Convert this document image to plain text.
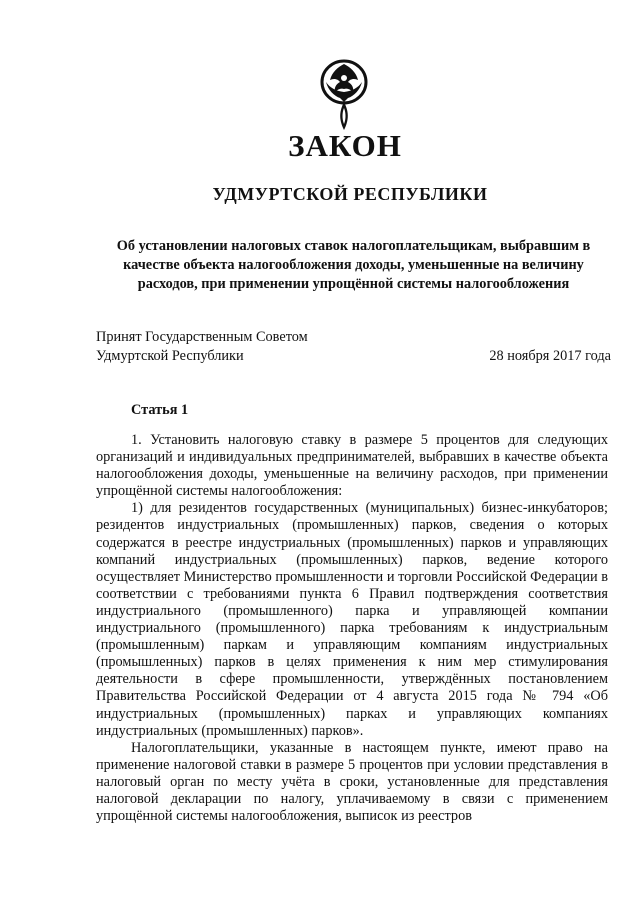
ЗАКОН
УДМУРТСКОЙ РЕСПУБЛИКИ
Об установлении налоговых ставок налогоплательщикам, выбравшим в качестве объекта налогообложения доходы, уменьшенные на величину расходов, при применении упрощённой системы налогообложения
Принят Государственным Советом
Удмуртской Республики	28 ноября 2017 года
Статья 1

1. Установить налоговую ставку в размере 5 процентов для следующих организаций и индивидуальных предпринимателей, выбравших в качестве объекта налогообложения доходы, уменьшенные на величину расходов, при применении упрощённой системы налогообложения:

1) для резидентов государственных (муниципальных) бизнес-инкубаторов; резидентов индустриальных (промышленных) парков, сведения о которых содержатся в реестре индустриальных (промышленных) парков и управляющих компаний индустриальных (промышленных) парков, ведение которого осуществляет Министерство промышленности и торговли Российской Федерации в соответствии с требованиями пункта 6 Правил подтверждения соответствия индустриального (промышленного) парка и управляющей компании индустриального (промышленного) парка требованиям к индустриальным (промышленным) паркам и управляющим компаниям индустриальных (промышленных) парков в целях применения к ним мер стимулирования деятельности в сфере промышленности, утверждённых постановлением Правительства Российской Федерации от 4 августа 2015 года № 794 «Об индустриальных (промышленных) парках и управляющих компаниях индустриальных (промышленных) парков».

Налогоплательщики, указанные в настоящем пункте, имеют право на применение налоговой ставки в размере 5 процентов при условии представления в налоговый орган по месту учёта в сроки, установленные для представления налоговой декларации по налогу, уплачиваемому в связи с применением упрощённой системы налогообложения, выписок из реестров
